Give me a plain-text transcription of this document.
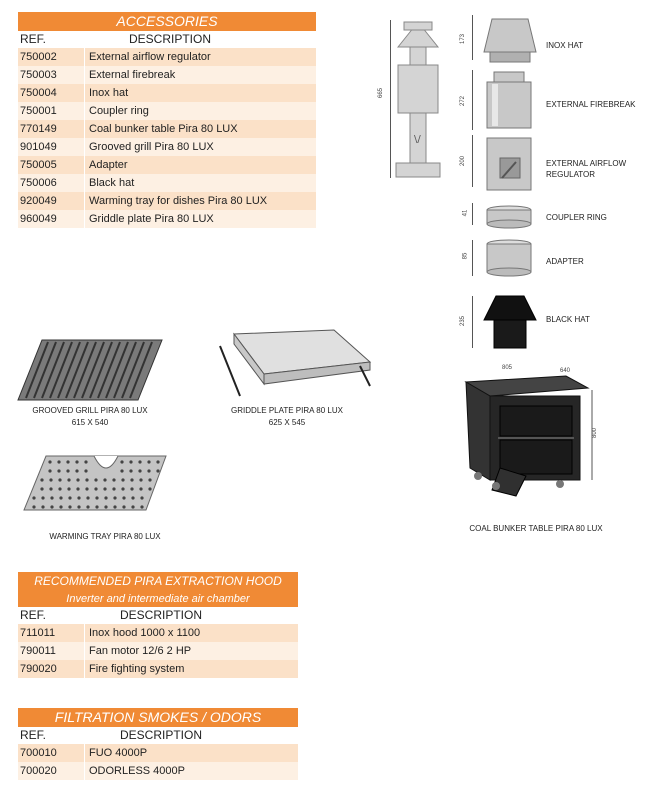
ACCESSORIES
REF.	DESCRIPTION
750002	External airflow regulator
750003	External firebreak
750004	Inox hat
750001	Coupler ring
770149	Coal bunker table Pira 80 LUX
901049	Grooved grill Pira 80 LUX
750005	Adapter
750006	Black hat
920049	Warming tray for dishes Pira 80 LUX
960049	Griddle plate Pira 80 LUX
\/
665
173
INOX HAT
272	EXTERNAL FIREBREAK
200	EXTERNAL AIRFLOW REGULATOR
41	COUPLER RING
85
ADAPTER
235	BLACK HAT
GROOVED GRILL PIRA 80 LUX
615 X 540
GRIDDLE PLATE PIRA 80 LUX
625 X 545
WARMING TRAY PIRA 80 LUX
805	640
800
COAL BUNKER TABLE PIRA 80 LUX
RECOMMENDED PIRA EXTRACTION HOOD
Inverter and intermediate air chamber
REF.	DESCRIPTION
711011	Inox hood 1000 x 1100
790011	Fan motor 12/6 2 HP
790020	Fire fighting system
FILTRATION SMOKES / ODORS
REF.	DESCRIPTION
700010	FUO 4000P
700020	ODORLESS 4000P
